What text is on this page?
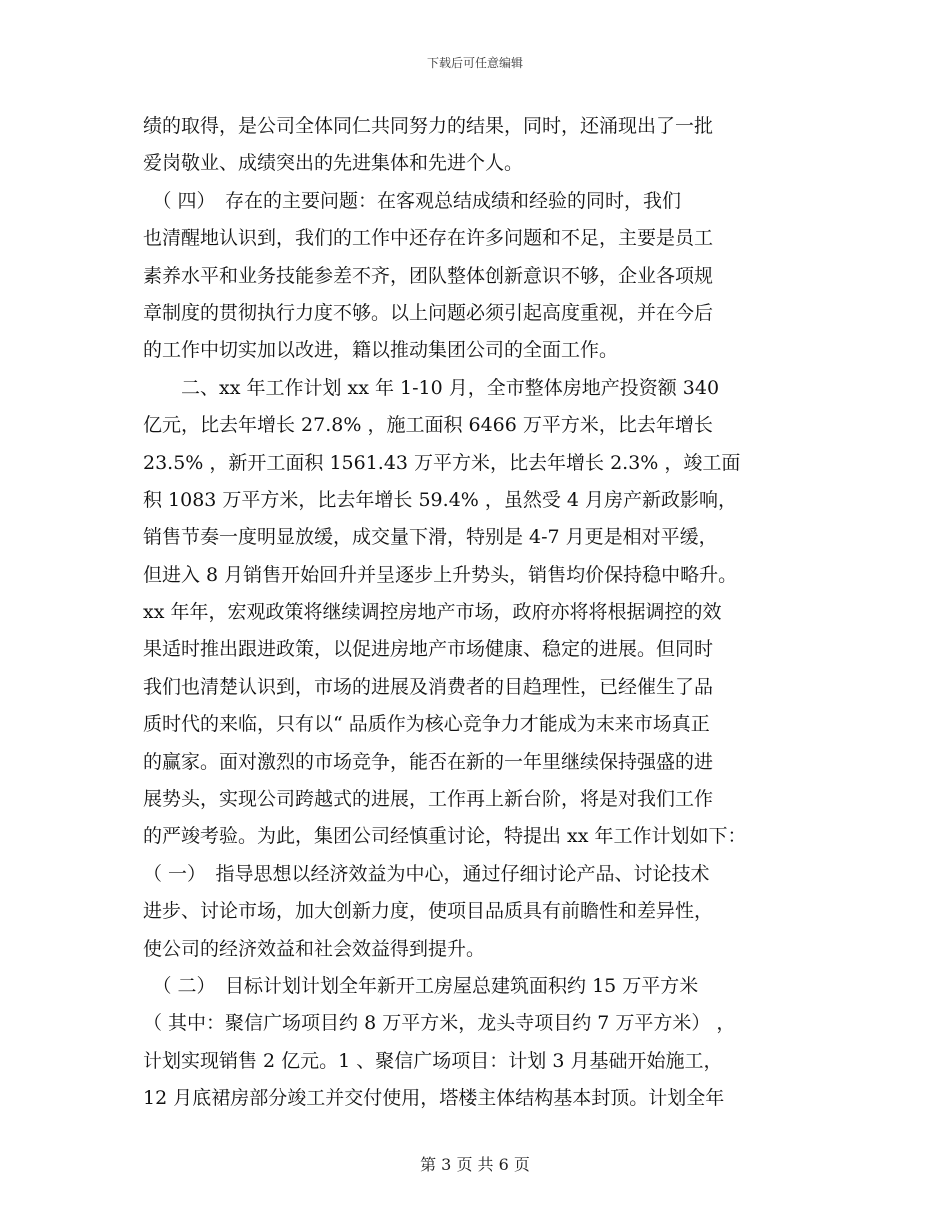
下载后可任意编辑
绩的取得，是公司全体同仁共同努力的结果，同时，还涌现出了一批
爱岗敬业、成绩突出的先进集体和先进个人。
　（ 四）　存在的主要问题：在客观总结成绩和经验的同时，我们
也清醒地认识到，我们的工作中还存在许多问题和不足，主要是员工
素养水平和业务技能参差不齐，团队整体创新意识不够，企业各项规
章制度的贯彻执行力度不够。以上问题必须引起高度重视，并在今后
的工作中切实加以改进，籍以推动集团公司的全面工作。
　　二、xx 年工作计划 xx 年 1-10 月，全市整体房地产投资额 340
亿元，比去年增长 27.8% ，施工面积 6466 万平方米，比去年增长
23.5% ，新开工面积 1561.43 万平方米，比去年增长 2.3% ，竣工面
积 1083 万平方米，比去年增长 59.4% ，虽然受 4 月房产新政影响，
销售节奏一度明显放缓，成交量下滑，特别是 4-7 月更是相对平缓，
但进入 8 月销售开始回升并呈逐步上升势头，销售均价保持稳中略升。
xx 年年，宏观政策将继续调控房地产市场，政府亦将将根据调控的效
果适时推出跟进政策，以促进房地产市场健康、稳定的进展。但同时
我们也清楚认识到，市场的进展及消费者的目趋理性，已经催生了品
质时代的来临，只有以“ 品质作为核心竞争力才能成为末来市场真正
的赢家。面对激烈的市场竞争，能否在新的一年里继续保持强盛的进
展势头，实现公司跨越式的进展，工作再上新台阶，将是对我们工作
的严竣考验。为此，集团公司经慎重讨论，特提出 xx 年工作计划如下：
（ 一）　指导思想以经济效益为中心，通过仔细讨论产品、讨论技术
进步、讨论市场，加大创新力度，使项目品质具有前瞻性和差异性，
使公司的经济效益和社会效益得到提升。
　（ 二）　目标计划计划全年新开工房屋总建筑面积约 15 万平方米
（ 其中：聚信广场项目约 8 万平方米，龙头寺项目约 7 万平方米） ，
计划实现销售 2 亿元。1 、聚信广场项目：计划 3 月基础开始施工，
12 月底裙房部分竣工并交付使用，塔楼主体结构基本封顶。计划全年
第 3 页 共 6 页
